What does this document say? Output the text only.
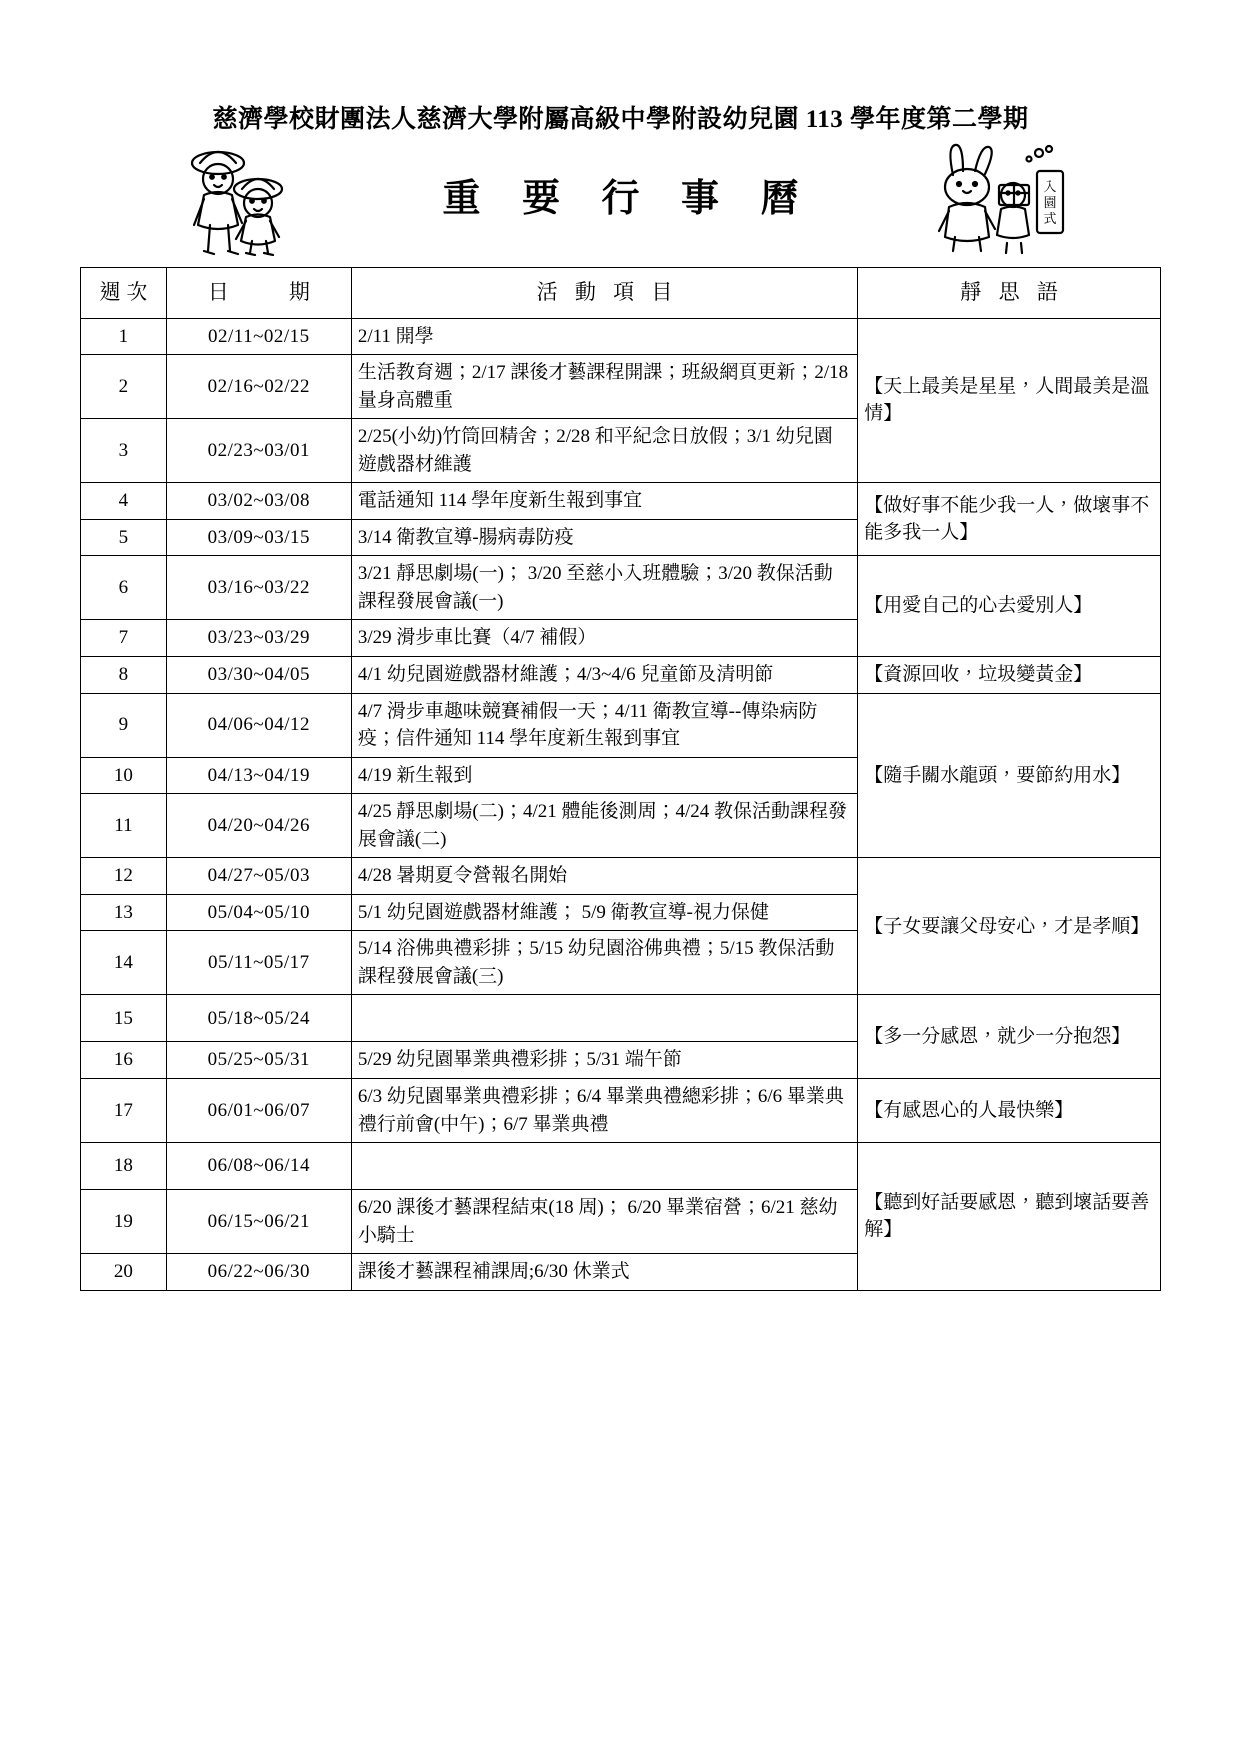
慈濟學校財團法人慈濟大學附屬高級中學附設幼兒園 113 學年度第二學期
重 要 行 事 曆	入
園
式
週次	日　　期	活 動 項 目	靜 思 語
1	02/11~02/15	2/11 開學	【天上最美是星星，人間最美是溫情】
2	02/16~02/22	生活教育週；2/17 課後才藝課程開課；班級網頁更新；2/18 量身高體重	
3	02/23~03/01	2/25(小幼)竹筒回精舍；2/28 和平紀念日放假；3/1 幼兒園遊戲器材維護	
4	03/02~03/08	電話通知 114 學年度新生報到事宜	【做好事不能少我一人，做壞事不能多我一人】
5	03/09~03/15	3/14 衛教宣導-腸病毒防疫	
6	03/16~03/22	3/21 靜思劇場(一)； 3/20 至慈小入班體驗；3/20 教保活動課程發展會議(一)	【用愛自己的心去愛別人】
7	03/23~03/29	3/29 滑步車比賽（4/7 補假）	
8	03/30~04/05	4/1 幼兒園遊戲器材維護；4/3~4/6 兒童節及清明節	【資源回收，垃圾變黃金】
9	04/06~04/12	4/7 滑步車趣味競賽補假一天；4/11 衛教宣導--傳染病防疫；信件通知 114 學年度新生報到事宜	【隨手關水龍頭，要節約用水】
10	04/13~04/19	4/19 新生報到	
11	04/20~04/26	4/25 靜思劇場(二)；4/21 體能後測周；4/24 教保活動課程發展會議(二)	
12	04/27~05/03	4/28 暑期夏令營報名開始	【子女要讓父母安心，才是孝順】
13	05/04~05/10	5/1 幼兒園遊戲器材維護； 5/9 衛教宣導-視力保健	
14	05/11~05/17	5/14 浴佛典禮彩排；5/15 幼兒園浴佛典禮；5/15 教保活動課程發展會議(三)	
15	05/18~05/24		【多一分感恩，就少一分抱怨】
16	05/25~05/31	5/29 幼兒園畢業典禮彩排；5/31 端午節	
17	06/01~06/07	6/3 幼兒園畢業典禮彩排；6/4 畢業典禮總彩排；6/6 畢業典禮行前會(中午)；6/7 畢業典禮	【有感恩心的人最快樂】
18	06/08~06/14		【聽到好話要感恩，聽到壞話要善解】
19	06/15~06/21	6/20 課後才藝課程結束(18 周)； 6/20 畢業宿營；6/21 慈幼小騎士	
20	06/22~06/30	課後才藝課程補課周;6/30 休業式	
